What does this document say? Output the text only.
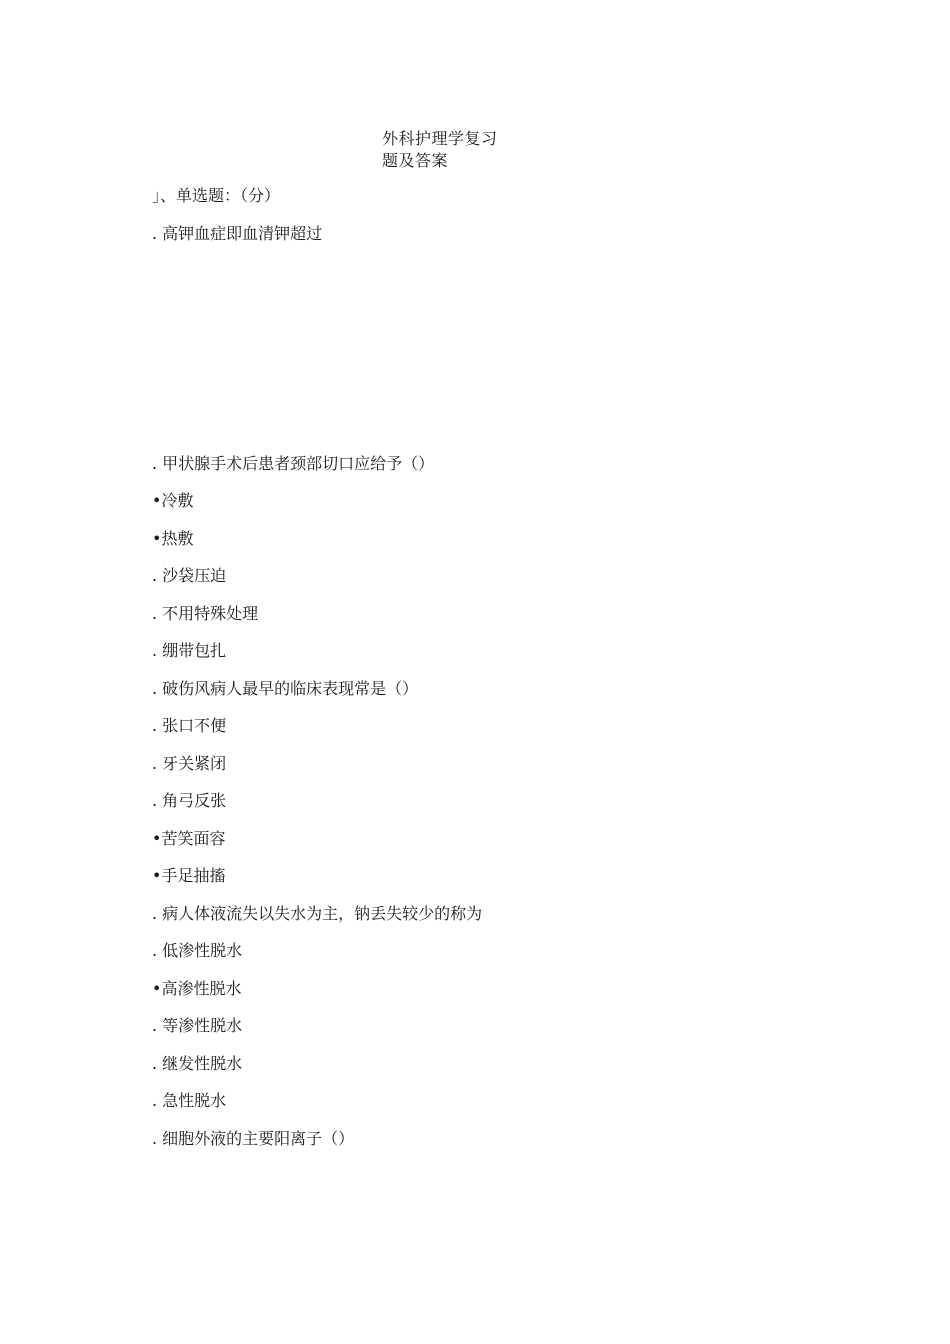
外科护理学复习
题及答案
」、单选题：（分）
. 高钾血症即血清钾超过
. 甲状腺手术后患者颈部切口应给予（）
•冷敷
•热敷
. 沙袋压迫
. 不用特殊处理
. 绷带包扎
. 破伤风病人最早的临床表现常是（）
. 张口不便
. 牙关紧闭
. 角弓反张
•苦笑面容
•手足抽搐
. 病人体液流失以失水为主，钠丢失较少的称为
. 低渗性脱水
•高渗性脱水
. 等渗性脱水
. 继发性脱水
. 急性脱水
. 细胞外液的主要阳离子（）
